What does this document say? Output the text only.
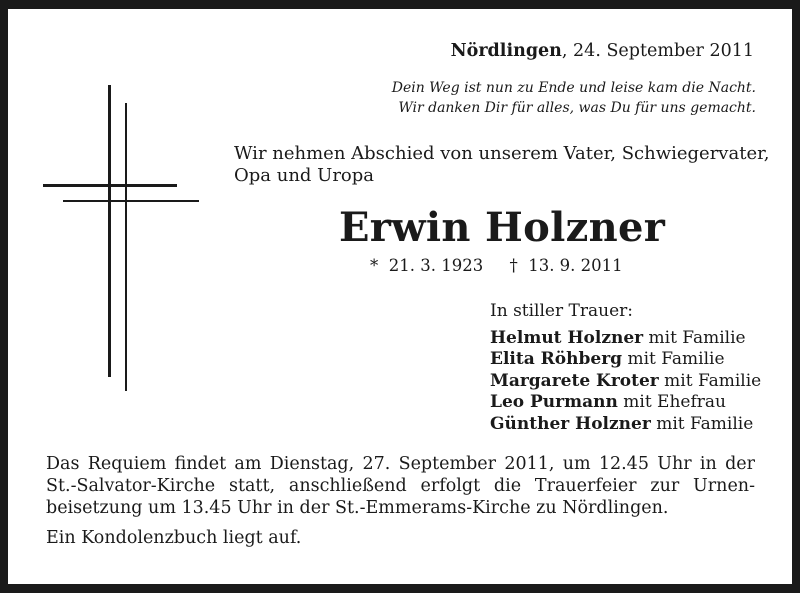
Nördlingen, 24. September 2011
Dein Weg ist nun zu Ende und leise kam die Nacht.
Wir danken Dir für alles, was Du für uns gemacht.
Wir nehmen Abschied von unserem Vater, Schwiegervater,
Opa und Uropa
Erwin Holzner
*  21. 3. 1923 †  13. 9. 2011
In stiller Trauer:
Helmut Holzner mit Familie
Elita Röhberg mit Familie
Margarete Kroter mit Familie
Leo Purmann mit Ehefrau
Günther Holzner mit Familie
Das Requiem findet am Dienstag, 27. September 2011, um 12.45 Uhr in der St.-Salvator-Kirche statt, anschließend erfolgt die Trauerfeier zur Urnenbeisetzung um 13.45 Uhr in der St.-Emmerams-Kirche zu Nördlingen.
Ein Kondolenzbuch liegt auf.
